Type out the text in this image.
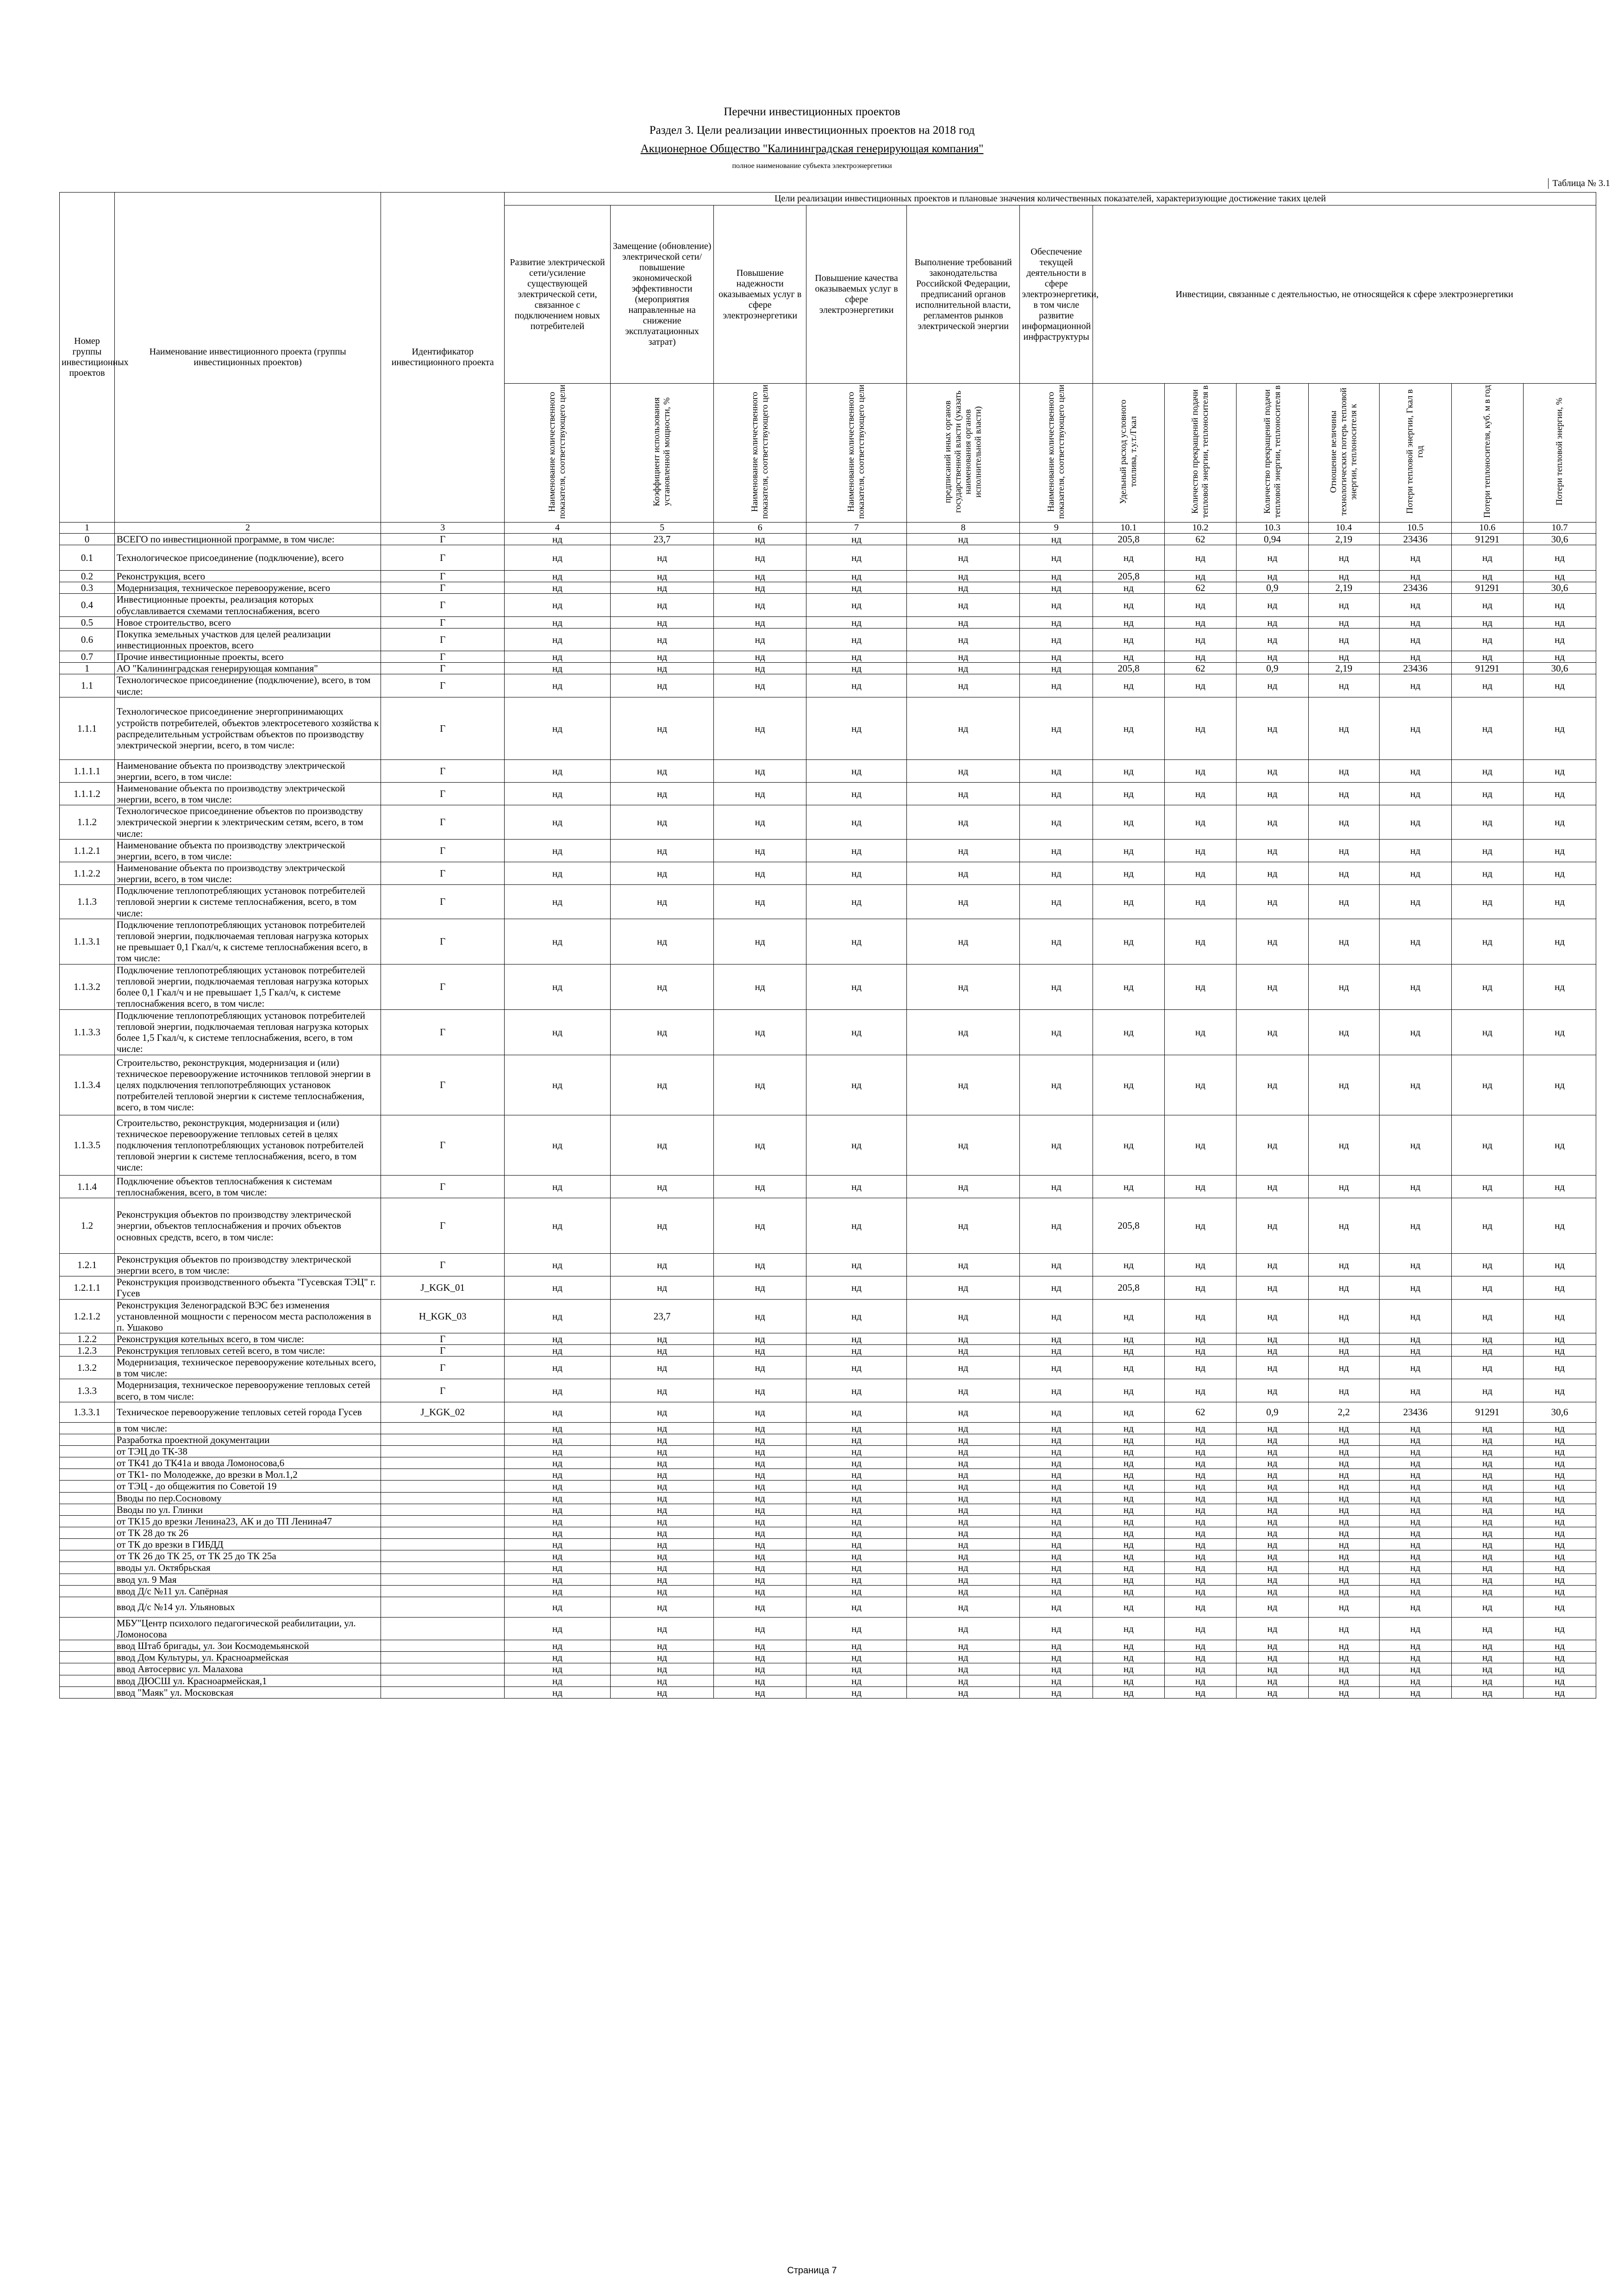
Перечни инвестиционных проектов
Раздел 3. Цели реализации инвестиционных проектов на 2018 год
Акционерное Общество "Калининградская генерирующая компания"
полное наименование субъекта электроэнергетики
Таблица № 3.1
Номер группы инвестиционных проектов	Наименование инвестиционного проекта (группы инвестиционных проектов)	Идентификатор инвестиционного проекта	Цели реализации инвестиционных проектов и плановые значения количественных показателей, характеризующие достижение таких целей												
			Развитие электрической сети/усиление существующей электрической сети, связанное с подключением новых потребителей	Замещение (обновление) электрической сети/повышение экономической эффективности (мероприятия направленные на снижение эксплуатационных затрат)	Повышение надежности оказываемых услуг в сфере электроэнергетики	Повышение качества оказываемых услуг в сфере электроэнергетики	Выполнение требований законодательства Российской Федерации, предписаний органов исполнительной власти, регламентов рынков электрической энергии	Обеспечение текущей деятельности в сфере электроэнергетики, в том числе развитие информационной инфраструктуры	Инвестиции, связанные с деятельностью, не относящейся к сфере электроэнергетики						
			Наименование количественного показателя, соответствующего цели	Коэффициент использования установленной мощности, %	Наименование количественного показателя, соответствующего цели	Наименование количественного показателя, соответствующего цели	предписаний иных органов государственной власти (указать наименования органов исполнительной власти)	Наименование количественного показателя, соответствующего цели	Удельный расход условного топлива, т.у.т./Гкал	Количество прекращений подачи тепловой энергии, теплоносителя в	Количество прекращений подачи тепловой энергии, теплоносителя в	Отношение величины технологических потерь тепловой энергии, теплоносителя к	Потери тепловой энергии, Гкал в год	Потери теплоносителя, куб. м в год	Потери тепловой энергии, %
1	2	3	4	5	6	7	8	9	10.1	10.2	10.3	10.4	10.5	10.6	10.7
0	ВСЕГО по инвестиционной программе, в том числе:	Г	нд	23,7	нд	нд	нд	нд	205,8	62	0,94	2,19	23436	91291	30,6
0.1	Технологическое присоединение (подключение), всего	Г	нд	нд	нд	нд	нд	нд	нд	нд	нд	нд	нд	нд	нд
0.2	Реконструкция, всего	Г	нд	нд	нд	нд	нд	нд	205,8	нд	нд	нд	нд	нд	нд
0.3	Модернизация, техническое перевооружение, всего	Г	нд	нд	нд	нд	нд	нд	нд	62	0,9	2,19	23436	91291	30,6
0.4	Инвестиционные проекты, реализация которых обуславливается схемами теплоснабжения, всего	Г	нд	нд	нд	нд	нд	нд	нд	нд	нд	нд	нд	нд	нд
0.5	Новое строительство, всего	Г	нд	нд	нд	нд	нд	нд	нд	нд	нд	нд	нд	нд	нд
0.6	Покупка земельных участков для целей реализации инвестиционных проектов, всего	Г	нд	нд	нд	нд	нд	нд	нд	нд	нд	нд	нд	нд	нд
0.7	Прочие инвестиционные проекты, всего	Г	нд	нд	нд	нд	нд	нд	нд	нд	нд	нд	нд	нд	нд
1	АО "Калининградская генерирующая компания"	Г	нд	нд	нд	нд	нд	нд	205,8	62	0,9	2,19	23436	91291	30,6
1.1	Технологическое присоединение (подключение), всего, в том числе:	Г	нд	нд	нд	нд	нд	нд	нд	нд	нд	нд	нд	нд	нд
1.1.1	Технологическое присоединение энергопринимающих устройств потребителей, объектов электросетевого хозяйства к распределительным устройствам объектов по производству электрической энергии, всего, в том числе:	Г	нд	нд	нд	нд	нд	нд	нд	нд	нд	нд	нд	нд	нд
1.1.1.1	Наименование объекта по производству электрической энергии, всего, в том числе:	Г	нд	нд	нд	нд	нд	нд	нд	нд	нд	нд	нд	нд	нд
1.1.1.2	Наименование объекта по производству электрической энергии, всего, в том числе:	Г	нд	нд	нд	нд	нд	нд	нд	нд	нд	нд	нд	нд	нд
1.1.2	Технологическое присоединение объектов по производству электрической энергии к электрическим сетям, всего, в том числе:	Г	нд	нд	нд	нд	нд	нд	нд	нд	нд	нд	нд	нд	нд
1.1.2.1	Наименование объекта по производству электрической энергии, всего, в том числе:	Г	нд	нд	нд	нд	нд	нд	нд	нд	нд	нд	нд	нд	нд
1.1.2.2	Наименование объекта по производству электрической энергии, всего, в том числе:	Г	нд	нд	нд	нд	нд	нд	нд	нд	нд	нд	нд	нд	нд
1.1.3	Подключение теплопотребляющих установок потребителей тепловой энергии к системе теплоснабжения, всего, в том числе:	Г	нд	нд	нд	нд	нд	нд	нд	нд	нд	нд	нд	нд	нд
1.1.3.1	Подключение теплопотребляющих установок потребителей тепловой энергии, подключаемая тепловая нагрузка которых не превышает 0,1 Гкал/ч, к системе теплоснабжения всего, в том числе:	Г	нд	нд	нд	нд	нд	нд	нд	нд	нд	нд	нд	нд	нд
1.1.3.2	Подключение теплопотребляющих установок потребителей тепловой энергии, подключаемая тепловая нагрузка которых более 0,1 Гкал/ч и не превышает 1,5 Гкал/ч, к системе теплоснабжения всего, в том числе:	Г	нд	нд	нд	нд	нд	нд	нд	нд	нд	нд	нд	нд	нд
1.1.3.3	Подключение теплопотребляющих установок потребителей тепловой энергии, подключаемая тепловая нагрузка которых более 1,5 Гкал/ч, к системе теплоснабжения, всего, в том числе:	Г	нд	нд	нд	нд	нд	нд	нд	нд	нд	нд	нд	нд	нд
1.1.3.4	Строительство, реконструкция, модернизация и (или) техническое перевооружение источников тепловой энергии в целях подключения теплопотребляющих установок потребителей тепловой энергии к системе теплоснабжения, всего, в том числе:	Г	нд	нд	нд	нд	нд	нд	нд	нд	нд	нд	нд	нд	нд
1.1.3.5	Строительство, реконструкция, модернизация и (или) техническое перевооружение тепловых сетей в целях подключения теплопотребляющих установок потребителей тепловой энергии к системе теплоснабжения, всего, в том числе:	Г	нд	нд	нд	нд	нд	нд	нд	нд	нд	нд	нд	нд	нд
1.1.4	Подключение объектов теплоснабжения к системам теплоснабжения, всего, в том числе:	Г	нд	нд	нд	нд	нд	нд	нд	нд	нд	нд	нд	нд	нд
1.2	Реконструкция объектов по производству электрической энергии, объектов теплоснабжения и прочих объектов основных средств, всего, в том числе:	Г	нд	нд	нд	нд	нд	нд	205,8	нд	нд	нд	нд	нд	нд
1.2.1	Реконструкция объектов по производству электрической энергии всего, в том числе:	Г	нд	нд	нд	нд	нд	нд	нд	нд	нд	нд	нд	нд	нд
1.2.1.1	Реконструкция производственного объекта "Гусевская ТЭЦ" г. Гусев	J_KGK_01	нд	нд	нд	нд	нд	нд	205,8	нд	нд	нд	нд	нд	нд
1.2.1.2	Реконструкция Зеленоградской ВЭС без изменения установленной мощности с переносом места расположения в п. Ушаково	H_KGK_03	нд	23,7	нд	нд	нд	нд	нд	нд	нд	нд	нд	нд	нд
1.2.2	Реконструкция котельных всего, в том числе:	Г	нд	нд	нд	нд	нд	нд	нд	нд	нд	нд	нд	нд	нд
1.2.3	Реконструкция тепловых сетей всего, в том числе:	Г	нд	нд	нд	нд	нд	нд	нд	нд	нд	нд	нд	нд	нд
1.3.2	Модернизация, техническое перевооружение котельных всего, в том числе:	Г	нд	нд	нд	нд	нд	нд	нд	нд	нд	нд	нд	нд	нд
1.3.3	Модернизация, техническое перевооружение тепловых сетей всего, в том числе:	Г	нд	нд	нд	нд	нд	нд	нд	нд	нд	нд	нд	нд	нд
1.3.3.1	Техническое перевооружение тепловых сетей города Гусев	J_KGK_02	нд	нд	нд	нд	нд	нд	нд	62	0,9	2,2	23436	91291	30,6
	в том числе:		нд	нд	нд	нд	нд	нд	нд	нд	нд	нд	нд	нд	нд
	Разработка проектной документации		нд	нд	нд	нд	нд	нд	нд	нд	нд	нд	нд	нд	нд
	от ТЭЦ до ТК-38		нд	нд	нд	нд	нд	нд	нд	нд	нд	нд	нд	нд	нд
	от ТК41 до ТК41а и ввода Ломоносова,6		нд	нд	нд	нд	нд	нд	нд	нд	нд	нд	нд	нд	нд
	от ТК1- по Молодежке, до врезки в Мол.1,2		нд	нд	нд	нд	нд	нд	нд	нд	нд	нд	нд	нд	нд
	от ТЭЦ - до общежития по Советой 19		нд	нд	нд	нд	нд	нд	нд	нд	нд	нд	нд	нд	нд
	Вводы по пер.Сосновому		нд	нд	нд	нд	нд	нд	нд	нд	нд	нд	нд	нд	нд
	Вводы по ул. Глинки		нд	нд	нд	нд	нд	нд	нд	нд	нд	нд	нд	нд	нд
	от ТК15 до врезки Ленина23, АК и до ТП Ленина47		нд	нд	нд	нд	нд	нд	нд	нд	нд	нд	нд	нд	нд
	от ТК 28 до тк 26		нд	нд	нд	нд	нд	нд	нд	нд	нд	нд	нд	нд	нд
	от ТК до врезки в ГИБДД		нд	нд	нд	нд	нд	нд	нд	нд	нд	нд	нд	нд	нд
	от ТК 26 до ТК 25, от ТК 25 до ТК 25а		нд	нд	нд	нд	нд	нд	нд	нд	нд	нд	нд	нд	нд
	вводы ул. Октябрьская		нд	нд	нд	нд	нд	нд	нд	нд	нд	нд	нд	нд	нд
	ввод ул. 9 Мая		нд	нд	нд	нд	нд	нд	нд	нд	нд	нд	нд	нд	нд
	ввод Д/с №11 ул. Сапёрная		нд	нд	нд	нд	нд	нд	нд	нд	нд	нд	нд	нд	нд
	ввод Д/с №14 ул. Ульяновых		нд	нд	нд	нд	нд	нд	нд	нд	нд	нд	нд	нд	нд
	МБУ"Центр психолого педагогической реабилитации, ул. Ломоносова		нд	нд	нд	нд	нд	нд	нд	нд	нд	нд	нд	нд	нд
	ввод Штаб бригады, ул. Зои Космодемьянской		нд	нд	нд	нд	нд	нд	нд	нд	нд	нд	нд	нд	нд
	ввод Дом Культуры, ул. Красноармейская		нд	нд	нд	нд	нд	нд	нд	нд	нд	нд	нд	нд	нд
	ввод Автосервис ул. Малахова		нд	нд	нд	нд	нд	нд	нд	нд	нд	нд	нд	нд	нд
	ввод ДЮСШ ул. Красноармейская,1		нд	нд	нд	нд	нд	нд	нд	нд	нд	нд	нд	нд	нд
	ввод "Маяк" ул. Московская		нд	нд	нд	нд	нд	нд	нд	нд	нд	нд	нд	нд	нд
Страница 7
